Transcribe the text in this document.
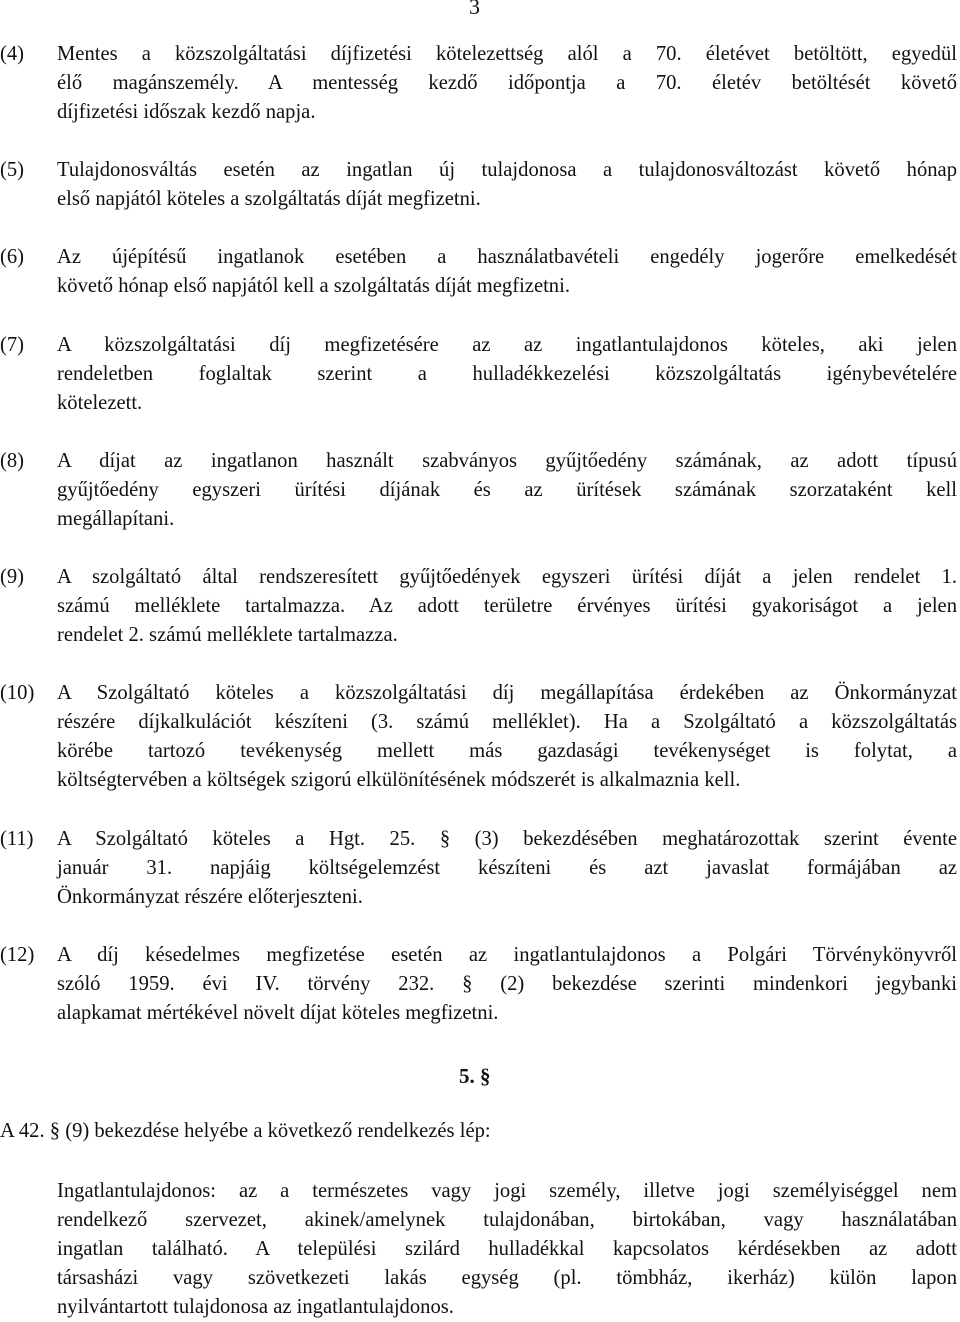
3
(4) Mentes a közszolgáltatási díjfizetési kötelezettség alól a 70. életévet betöltött, egyedül
élő magánszemély. A mentesség kezdő időpontja a 70. életév betöltését követő
díjfizetési időszak kezdő napja.
(5) Tulajdonosváltás esetén az ingatlan új tulajdonosa a tulajdonosváltozást követő hónap
első napjától köteles a szolgáltatás díját megfizetni.
(6) Az újépítésű ingatlanok esetében a használatbavételi engedély jogerőre emelkedését
követő hónap első napjától kell a szolgáltatás díját megfizetni.
(7) A közszolgáltatási díj megfizetésére az az ingatlantulajdonos köteles, aki jelen
rendeletben foglaltak szerint a hulladékkezelési közszolgáltatás igénybevételére
kötelezett.
(8) A díjat az ingatlanon használt szabványos gyűjtőedény számának, az adott típusú
gyűjtőedény egyszeri ürítési díjának és az ürítések számának szorzataként kell
megállapítani.
(9) A szolgáltató által rendszeresített gyűjtőedények egyszeri ürítési díját a jelen rendelet 1.
számú melléklete tartalmazza. Az adott területre érvényes ürítési gyakoriságot a jelen
rendelet 2. számú melléklete tartalmazza.
(10) A Szolgáltató köteles a közszolgáltatási díj megállapítása érdekében az Önkormányzat
részére díjkalkulációt készíteni (3. számú melléklet). Ha a Szolgáltató a közszolgáltatás
körébe tartozó tevékenység mellett más gazdasági tevékenységet is folytat, a
költségtervében a költségek szigorú elkülönítésének módszerét is alkalmaznia kell.
(11) A Szolgáltató köteles a Hgt. 25. § (3) bekezdésében meghatározottak szerint évente
január 31. napjáig költségelemzést készíteni és azt javaslat formájában az
Önkormányzat részére előterjeszteni.
(12) A díj késedelmes megfizetése esetén az ingatlantulajdonos a Polgári Törvénykönyvről
szóló 1959. évi IV. törvény 232. § (2) bekezdése szerinti mindenkori jegybanki
alapkamat mértékével növelt díjat köteles megfizetni.
5. §
A 42. § (9) bekezdése helyébe a következő rendelkezés lép:
Ingatlantulajdonos: az a természetes vagy jogi személy, illetve jogi személyiséggel nem
rendelkező szervezet, akinek/amelynek tulajdonában, birtokában, vagy használatában
ingatlan található. A települési szilárd hulladékkal kapcsolatos kérdésekben az adott
társasházi vagy szövetkezeti lakás egység (pl. tömbház, ikerház) külön lapon
nyilvántartott tulajdonosa az ingatlantulajdonos.
